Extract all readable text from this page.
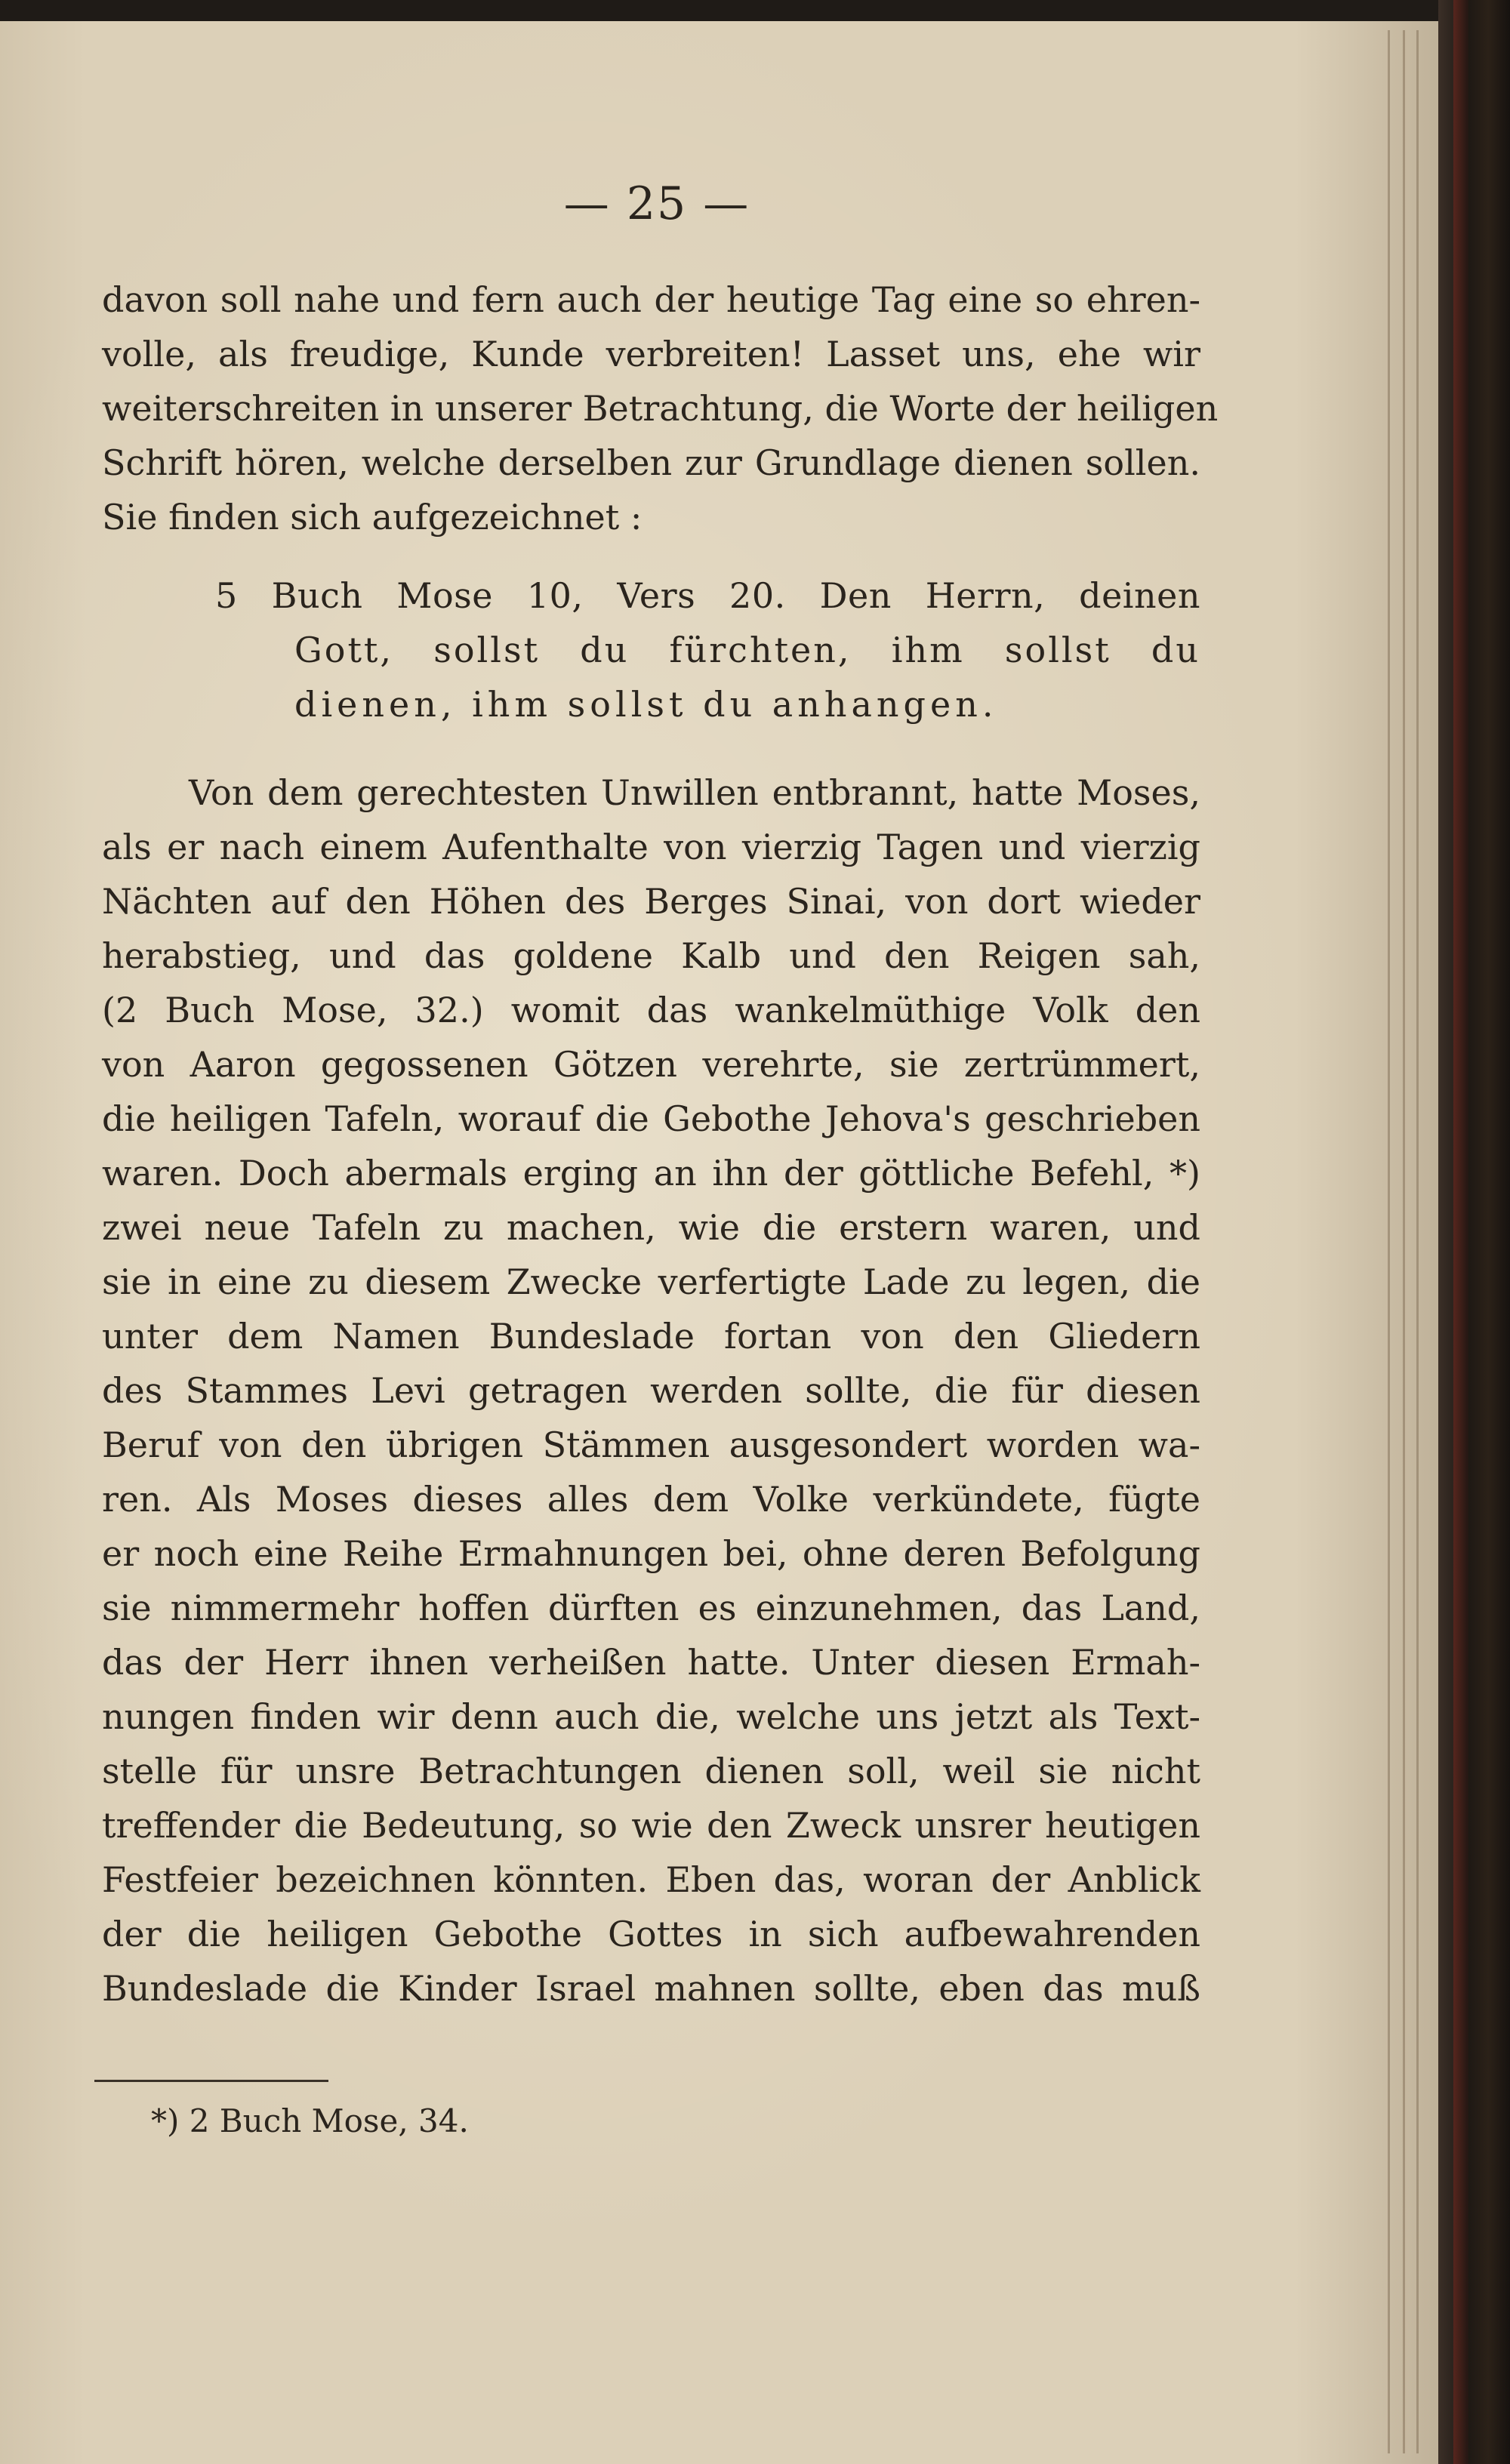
— 25 —
davon soll nahe und fern auch der heutige Tag eine so ehren-
volle, als freudige, Kunde verbreiten! Lasset uns, ehe wir
weiterschreiten in unserer Betrachtung, die Worte der heiligen
Schrift hören, welche derselben zur Grundlage dienen sollen.
Sie finden sich aufgezeichnet :
5 Buch Mose 10, Vers 20. Den Herrn, deinen
Gott, sollst du fürchten, ihm sollst du
dienen, ihm sollst du anhangen.
Von dem gerechtesten Unwillen entbrannt, hatte Moses,
als er nach einem Aufenthalte von vierzig Tagen und vierzig
Nächten auf den Höhen des Berges Sinai, von dort wieder
herabstieg, und das goldene Kalb und den Reigen sah,
(2 Buch Mose, 32.) womit das wankelmüthige Volk den
von Aaron gegossenen Götzen verehrte, sie zertrümmert,
die heiligen Tafeln, worauf die Gebothe Jehova's geschrieben
waren. Doch abermals erging an ihn der göttliche Befehl, *)
zwei neue Tafeln zu machen, wie die erstern waren, und
sie in eine zu diesem Zwecke verfertigte Lade zu legen, die
unter dem Namen Bundeslade fortan von den Gliedern
des Stammes Levi getragen werden sollte, die für diesen
Beruf von den übrigen Stämmen ausgesondert worden wa-
ren. Als Moses dieses alles dem Volke verkündete, fügte
er noch eine Reihe Ermahnungen bei, ohne deren Befolgung
sie nimmermehr hoffen dürften es einzunehmen, das Land,
das der Herr ihnen verheißen hatte. Unter diesen Ermah-
nungen finden wir denn auch die, welche uns jetzt als Text-
stelle für unsre Betrachtungen dienen soll, weil sie nicht
treffender die Bedeutung, so wie den Zweck unsrer heutigen
Festfeier bezeichnen könnten. Eben das, woran der Anblick
der die heiligen Gebothe Gottes in sich aufbewahrenden
Bundeslade die Kinder Israel mahnen sollte, eben das muß
*) 2 Buch Mose, 34.
